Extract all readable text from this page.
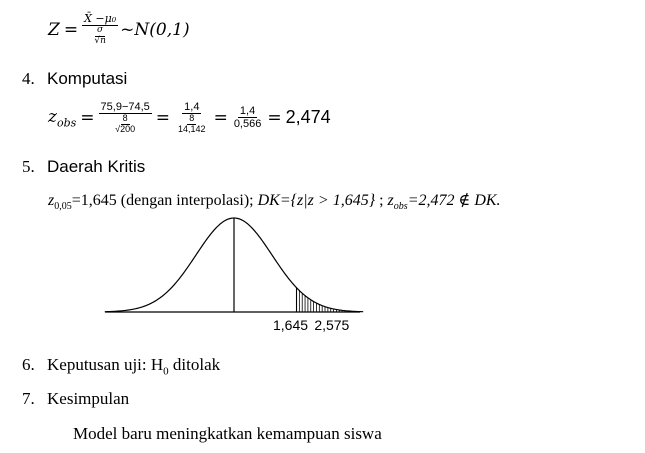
$Z = \frac{\text{X̄ −μ₀}}{\frac{\sigma}{√n}}$ ~N(0,1)
4. Komputasi
$z_{obs} = \frac{75,9-74,5}{\frac{8}{√200}} = \frac{1,4}{\frac{8}{14,142}} = \frac{1,4}{0,566} = 2,474$
5. Daerah Kritis
$z_{0,05}=1,645$ (dengan interpolasi); DK={z|z > 1,645} ; $z_{obs}=2,472$ ∉ DK.
1,645 2,575
6. Keputusan uji: $H_0$ ditolak
7. Kesimpulan
Model baru meningkatkan kemampuan siswa
